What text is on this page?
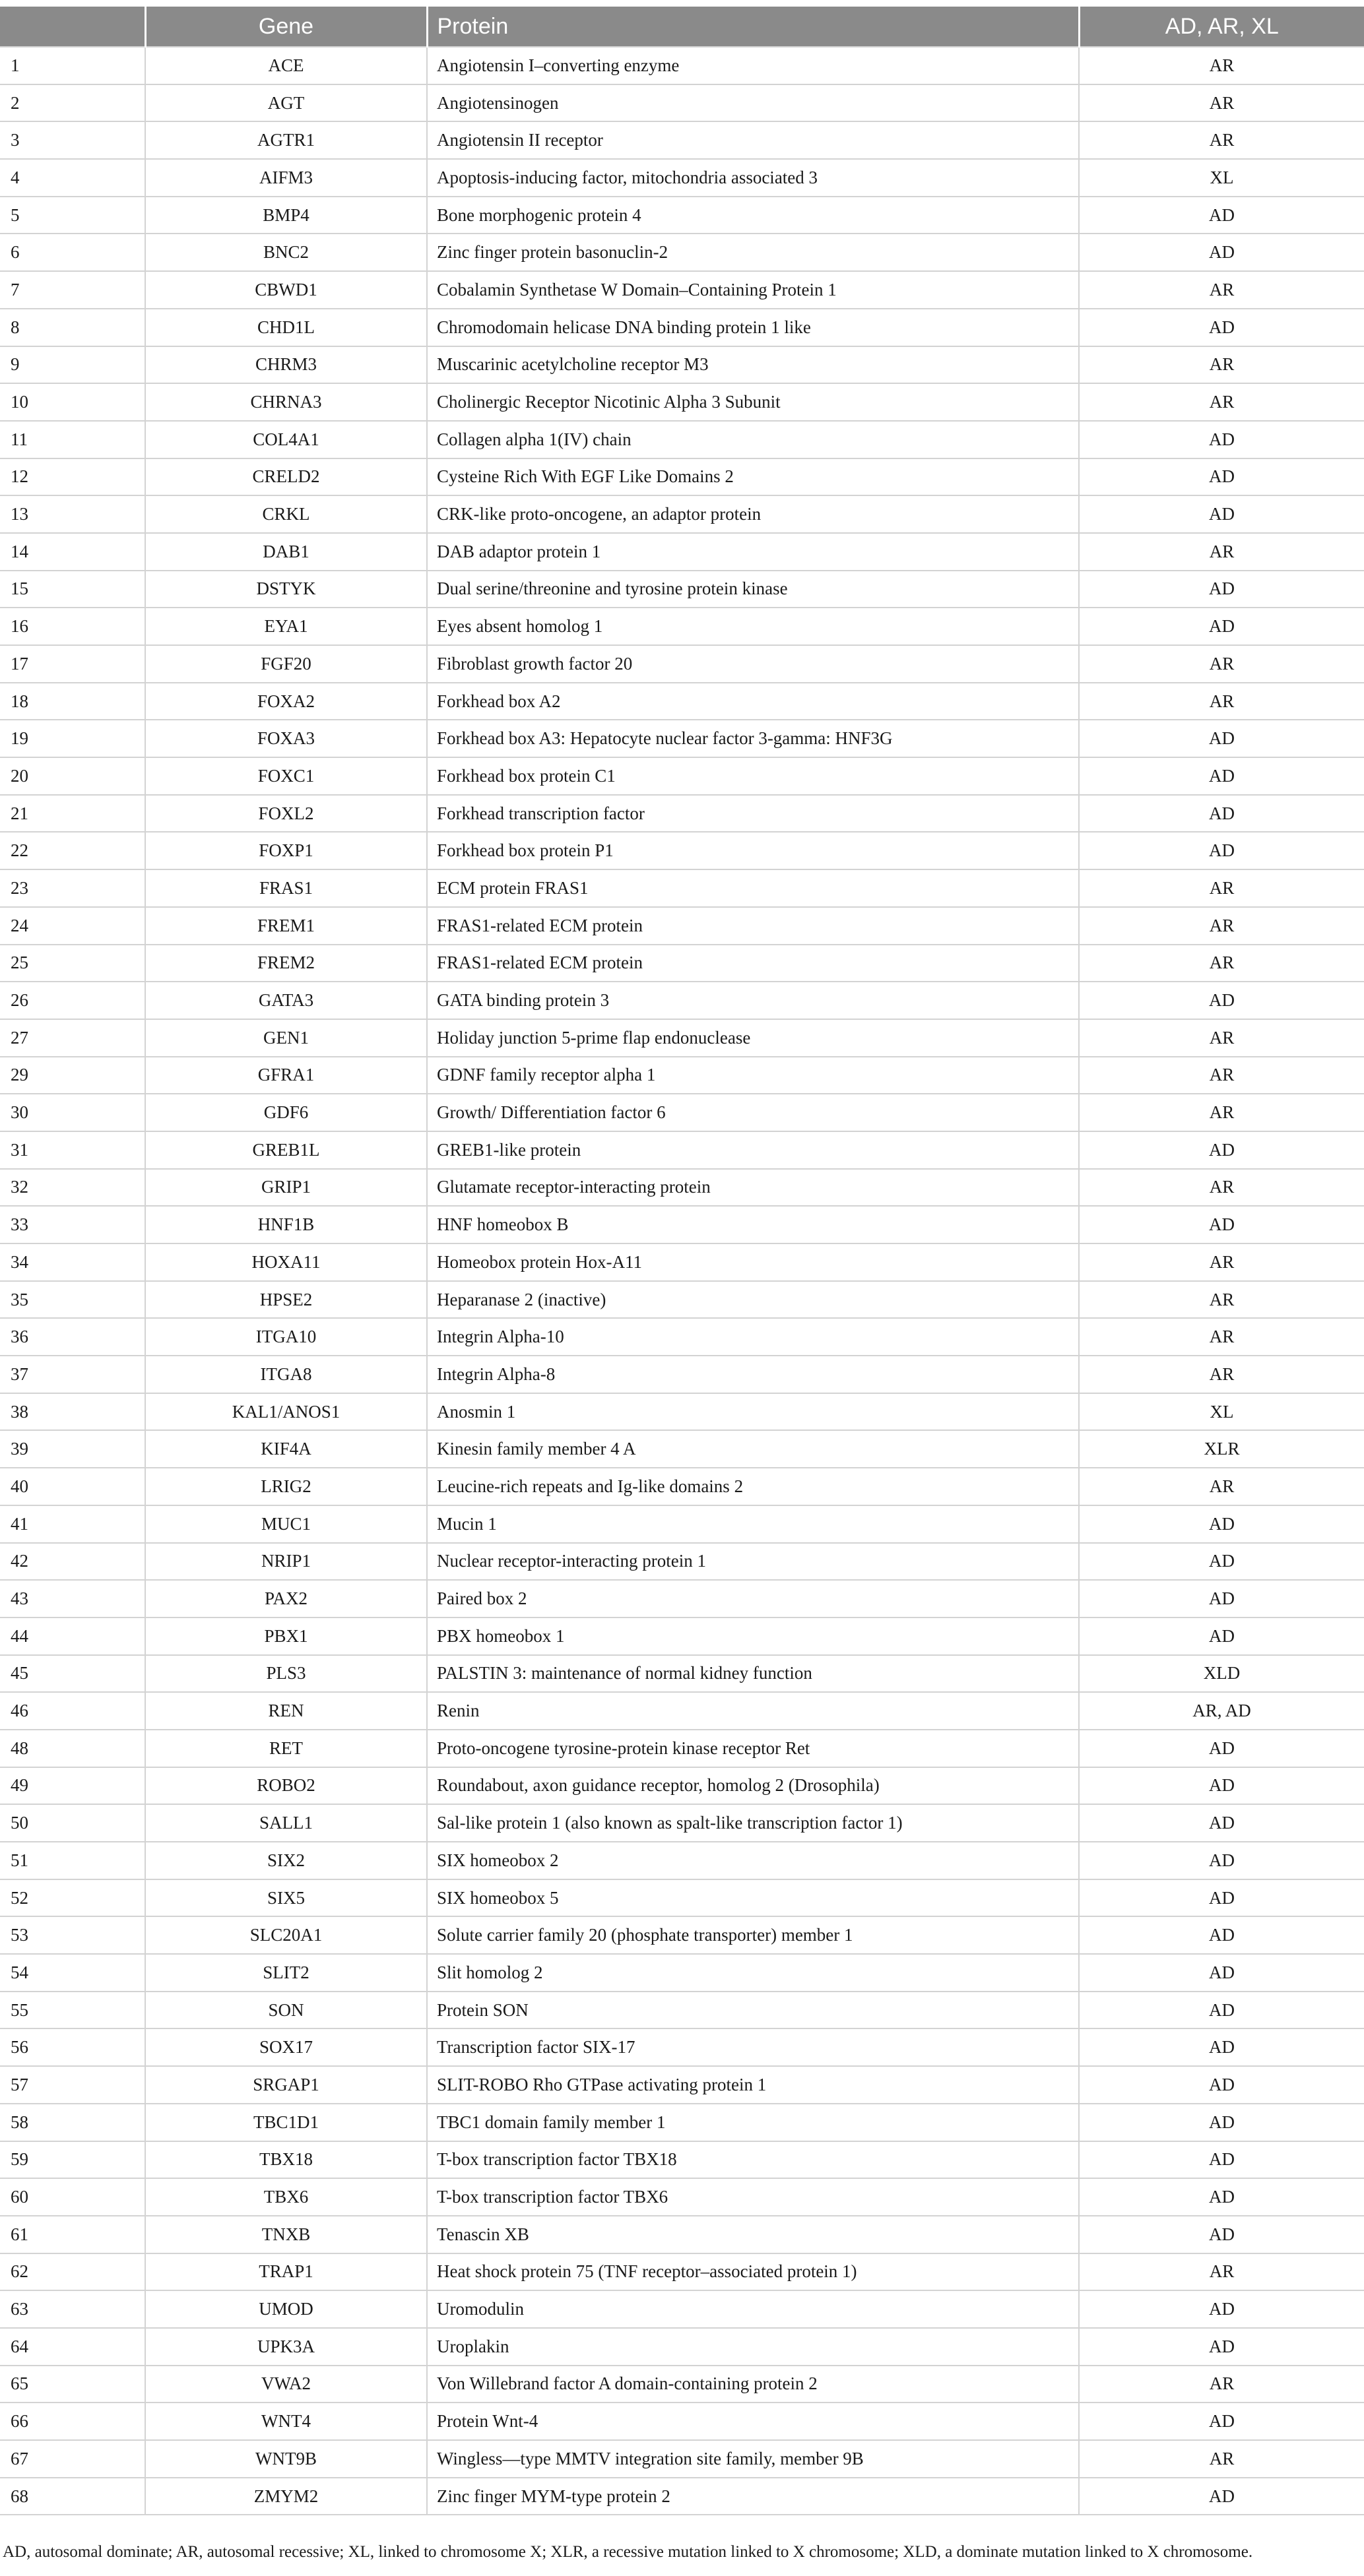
	Gene	Protein	AD, AR, XL
1	ACE	Angiotensin I–converting enzyme	AR
2	AGT	Angiotensinogen	AR
3	AGTR1	Angiotensin II receptor	AR
4	AIFM3	Apoptosis-inducing factor, mitochondria associated 3	XL
5	BMP4	Bone morphogenic protein 4	AD
6	BNC2	Zinc finger protein basonuclin-2	AD
7	CBWD1	Cobalamin Synthetase W Domain–Containing Protein 1	AR
8	CHD1L	Chromodomain helicase DNA binding protein 1 like	AD
9	CHRM3	Muscarinic acetylcholine receptor M3	AR
10	CHRNA3	Cholinergic Receptor Nicotinic Alpha 3 Subunit	AR
11	COL4A1	Collagen alpha 1(IV) chain	AD
12	CRELD2	Cysteine Rich With EGF Like Domains 2	AD
13	CRKL	CRK-like proto-oncogene, an adaptor protein	AD
14	DAB1	DAB adaptor protein 1	AR
15	DSTYK	Dual serine/threonine and tyrosine protein kinase	AD
16	EYA1	Eyes absent homolog 1	AD
17	FGF20	Fibroblast growth factor 20	AR
18	FOXA2	Forkhead box A2	AR
19	FOXA3	Forkhead box A3: Hepatocyte nuclear factor 3-gamma: HNF3G	AD
20	FOXC1	Forkhead box protein C1	AD
21	FOXL2	Forkhead transcription factor	AD
22	FOXP1	Forkhead box protein P1	AD
23	FRAS1	ECM protein FRAS1	AR
24	FREM1	FRAS1-related ECM protein	AR
25	FREM2	FRAS1-related ECM protein	AR
26	GATA3	GATA binding protein 3	AD
27	GEN1	Holiday junction 5-prime flap endonuclease	AR
29	GFRA1	GDNF family receptor alpha 1	AR
30	GDF6	Growth/ Differentiation factor 6	AR
31	GREB1L	GREB1-like protein	AD
32	GRIP1	Glutamate receptor-interacting protein	AR
33	HNF1B	HNF homeobox B	AD
34	HOXA11	Homeobox protein Hox-A11	AR
35	HPSE2	Heparanase 2 (inactive)	AR
36	ITGA10	Integrin Alpha-10	AR
37	ITGA8	Integrin Alpha-8	AR
38	KAL1/ANOS1	Anosmin 1	XL
39	KIF4A	Kinesin family member 4 A	XLR
40	LRIG2	Leucine-rich repeats and Ig-like domains 2	AR
41	MUC1	Mucin 1	AD
42	NRIP1	Nuclear receptor-interacting protein 1	AD
43	PAX2	Paired box 2	AD
44	PBX1	PBX homeobox 1	AD
45	PLS3	PALSTIN 3: maintenance of normal kidney function	XLD
46	REN	Renin	AR, AD
48	RET	Proto-oncogene tyrosine-protein kinase receptor Ret	AD
49	ROBO2	Roundabout, axon guidance receptor, homolog 2 (Drosophila)	AD
50	SALL1	Sal-like protein 1 (also known as spalt-like transcription factor 1)	AD
51	SIX2	SIX homeobox 2	AD
52	SIX5	SIX homeobox 5	AD
53	SLC20A1	Solute carrier family 20 (phosphate transporter) member 1	AD
54	SLIT2	Slit homolog 2	AD
55	SON	Protein SON	AD
56	SOX17	Transcription factor SIX-17	AD
57	SRGAP1	SLIT-ROBO Rho GTPase activating protein 1	AD
58	TBC1D1	TBC1 domain family member 1	AD
59	TBX18	T-box transcription factor TBX18	AD
60	TBX6	T-box transcription factor TBX6	AD
61	TNXB	Tenascin XB	AD
62	TRAP1	Heat shock protein 75 (TNF receptor–associated protein 1)	AR
63	UMOD	Uromodulin	AD
64	UPK3A	Uroplakin	AD
65	VWA2	Von Willebrand factor A domain-containing protein 2	AR
66	WNT4	Protein Wnt-4	AD
67	WNT9B	Wingless—type MMTV integration site family, member 9B	AR
68	ZMYM2	Zinc finger MYM-type protein 2	AD
AD, autosomal dominate; AR, autosomal recessive; XL, linked to chromosome X; XLR, a recessive mutation linked to X chromosome; XLD, a dominate mutation linked to X chromosome.
